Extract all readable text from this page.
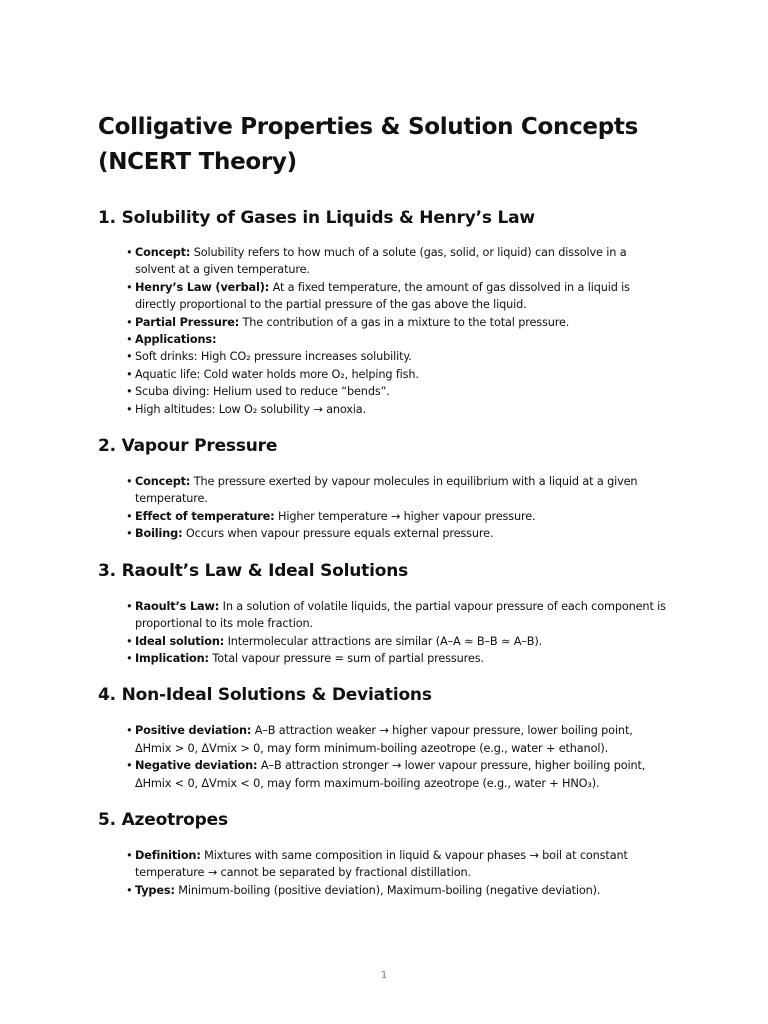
Colligative Properties & Solution Concepts (NCERT Theory)
1. Solubility of Gases in Liquids & Henry’s Law
• Concept: Solubility refers to how much of a solute (gas, solid, or liquid) can dissolve in a solvent at a given temperature.
• Henry’s Law (verbal): At a fixed temperature, the amount of gas dissolved in a liquid is directly proportional to the partial pressure of the gas above the liquid.
• Partial Pressure: The contribution of a gas in a mixture to the total pressure.
• Applications:
• Soft drinks: High CO₂ pressure increases solubility.
• Aquatic life: Cold water holds more O₂, helping fish.
• Scuba diving: Helium used to reduce “bends”.
• High altitudes: Low O₂ solubility → anoxia.
2. Vapour Pressure
• Concept: The pressure exerted by vapour molecules in equilibrium with a liquid at a given temperature.
• Effect of temperature: Higher temperature → higher vapour pressure.
• Boiling: Occurs when vapour pressure equals external pressure.
3. Raoult’s Law & Ideal Solutions
• Raoult’s Law: In a solution of volatile liquids, the partial vapour pressure of each component is proportional to its mole fraction.
• Ideal solution: Intermolecular attractions are similar (A–A ≈ B–B ≈ A–B).
• Implication: Total vapour pressure = sum of partial pressures.
4. Non-Ideal Solutions & Deviations
• Positive deviation: A–B attraction weaker → higher vapour pressure, lower boiling point, ΔHmix > 0, ΔVmix > 0, may form minimum-boiling azeotrope (e.g., water + ethanol).
• Negative deviation: A–B attraction stronger → lower vapour pressure, higher boiling point, ΔHmix < 0, ΔVmix < 0, may form maximum-boiling azeotrope (e.g., water + HNO₃).
5. Azeotropes
• Definition: Mixtures with same composition in liquid & vapour phases → boil at constant temperature → cannot be separated by fractional distillation.
• Types: Minimum-boiling (positive deviation), Maximum-boiling (negative deviation).
1
